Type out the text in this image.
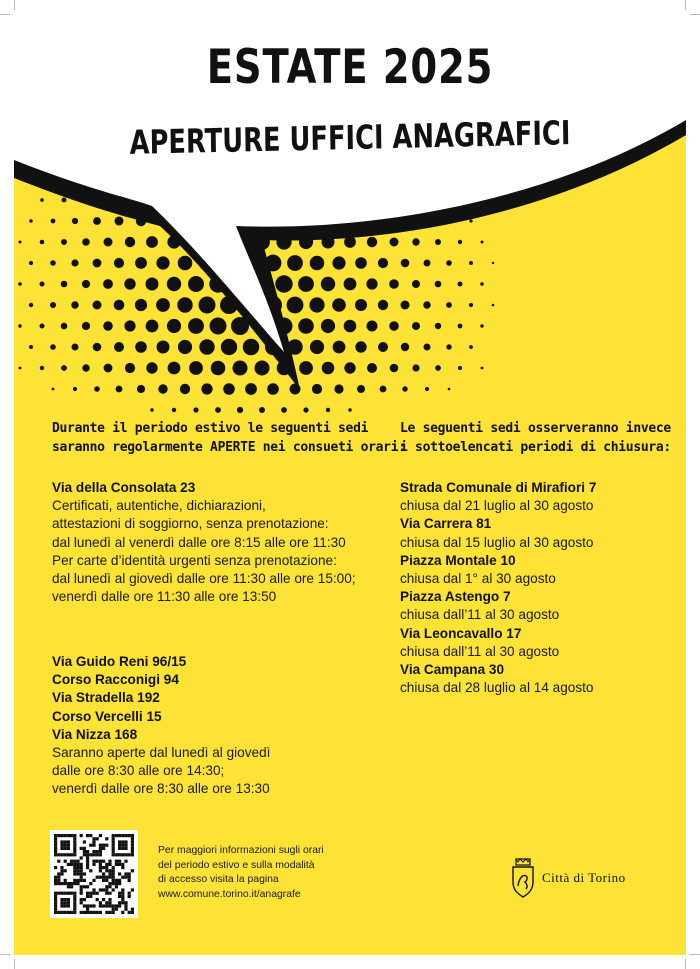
ESTATE 2025
APERTURE UFFICI ANAGRAFICI

Durante il periodo estivo le seguenti sedi

saranno regolarmente APERTE nei consueti orari:

Le seguenti sedi osserveranno invece

i sottoelencati periodi di chiusura:

Via della Consolata 23
Certificati, autentiche, dichiarazioni,
attestazioni di soggiorno, senza prenotazione:
dal lunedì al venerdì dalle ore 8:15 alle ore 11:30
Per carte d’identità urgenti senza prenotazione:
dal lunedì al giovedì dalle ore 11:30 alle ore 15:00;
venerdì dalle ore 11:30 alle ore 13:50
Via Guido Reni 96/15
Corso Racconigi 94
Via Stradella 192
Corso Vercelli 15
Via Nizza 168
Saranno aperte dal lunedì al giovedì
dalle ore 8:30 alle ore 14:30;
venerdì dalle ore 8:30 alle ore 13:30
Strada Comunale di Mirafiori 7
chiusa dal 21 luglio al 30 agosto
Via Carrera 81
chiusa dal 15 luglio al 30 agosto
Piazza Montale 10
chiusa dal 1° al 30 agosto
Piazza Astengo 7
chiusa dall’11 al 30 agosto
Via Leoncavallo 17
chiusa dall’11 al 30 agosto
Via Campana 30
chiusa dal 28 luglio al 14 agosto
Per maggiori informazioni sugli orari
del periodo estivo e sulla modalità
di accesso visita la pagina
www.comune.torino.it/anagrafe
Città di Torino
